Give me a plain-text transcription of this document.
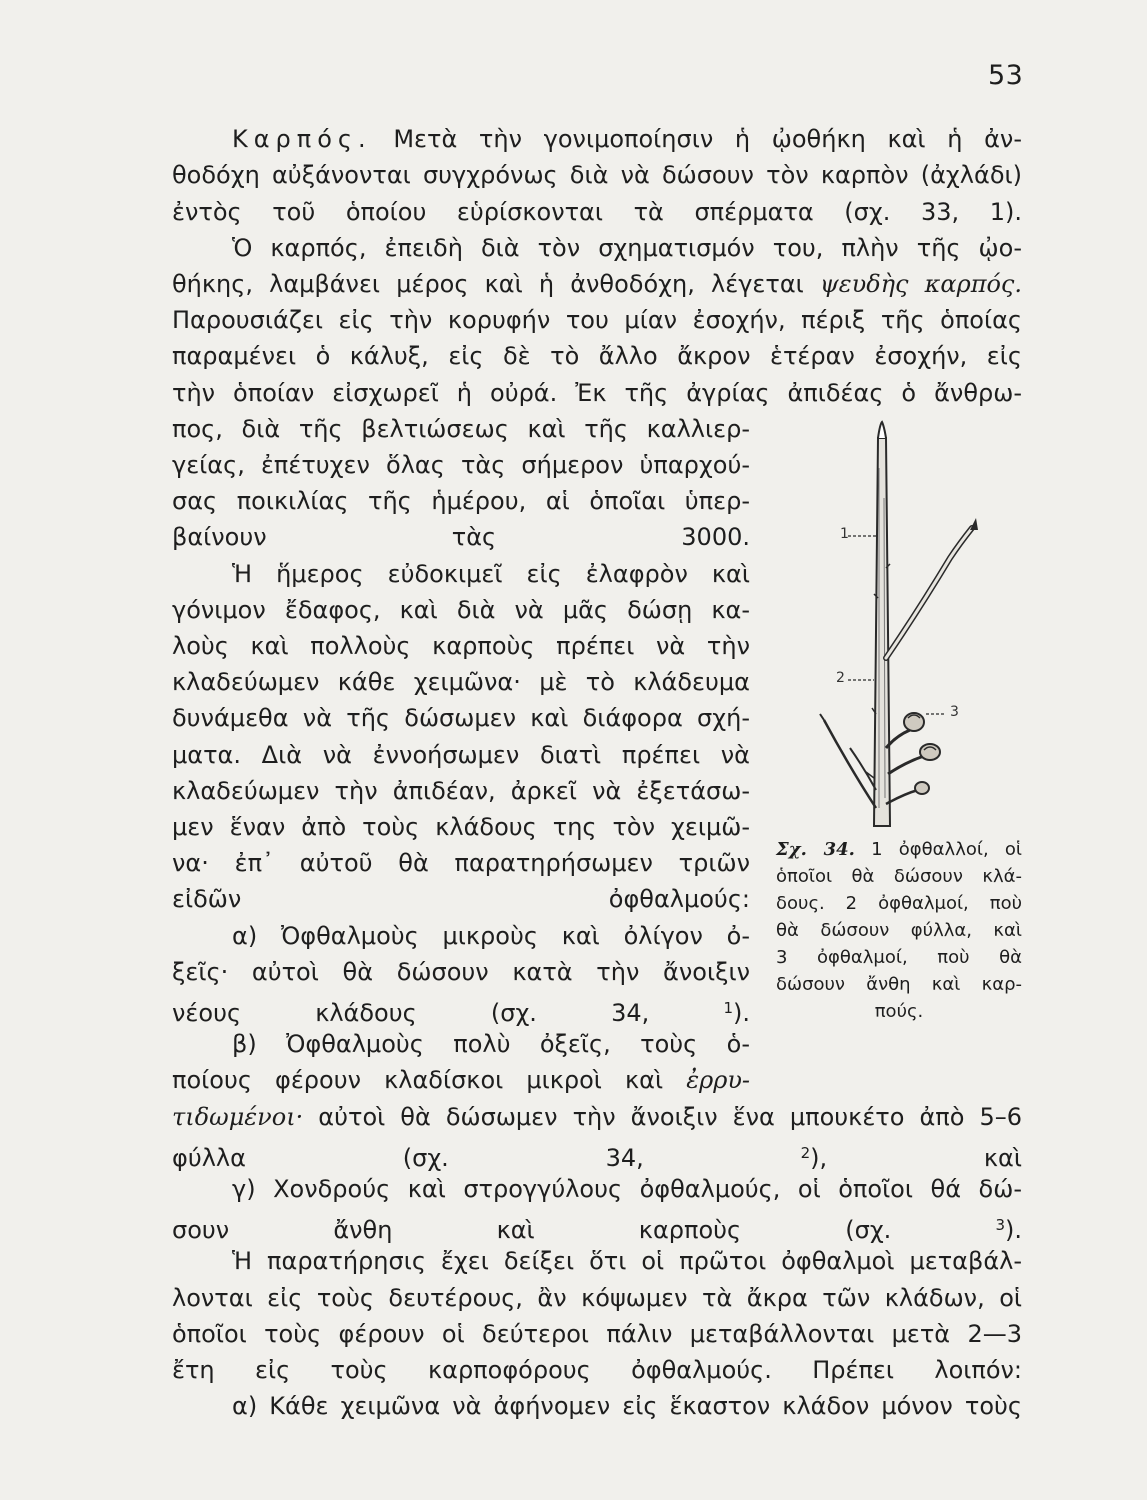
53
Καρπός. Μετὰ τὴν γονιμοποίησιν ἡ ᾠοθήκη καὶ ἡ ἀν-
θοδόχη αὐξάνονται συγχρόνως διὰ νὰ δώσουν τὸν καρπὸν (ἀχλάδι)
ἐντὸς τοῦ ὁποίου εὑρίσκονται τὰ σπέρματα (σχ. 33, 1).
Ὁ καρπός, ἐπειδὴ διὰ τὸν σχηματισμόν του, πλὴν τῆς ᾠο-
θήκης, λαμβάνει μέρος καὶ ἡ ἀνθοδόχη, λέγεται ψευδὴς καρπός.
Παρουσιάζει εἰς τὴν κορυφήν του μίαν ἐσοχήν, πέριξ τῆς ὁποίας
παραμένει ὁ κάλυξ, εἰς δὲ τὸ ἄλλο ἄκρον ἑτέραν ἐσοχήν, εἰς
τὴν ὁποίαν εἰσχωρεῖ ἡ οὐρά. Ἐκ τῆς ἀγρίας ἀπιδέας ὁ ἄνθρω-
πος, διὰ τῆς βελτιώσεως καὶ τῆς καλλιερ-
γείας, ἐπέτυχεν ὅλας τὰς σήμερον ὑπαρχού-
σας ποικιλίας τῆς ἡμέρου, αἱ ὁποῖαι ὑπερ-
βαίνουν τὰς 3000.
Ἡ ἥμερος εὐδοκιμεῖ εἰς ἐλαφρὸν καὶ
γόνιμον ἔδαφος, καὶ διὰ νὰ μᾶς δώσῃ κα-
λοὺς καὶ πολλοὺς καρποὺς πρέπει νὰ τὴν
κλαδεύωμεν κάθε χειμῶνα· μὲ τὸ κλάδευμα
δυνάμεθα νὰ τῆς δώσωμεν καὶ διάφορα σχή-
ματα. Διὰ νὰ ἐννοήσωμεν διατὶ πρέπει νὰ
κλαδεύωμεν τὴν ἀπιδέαν, ἀρκεῖ νὰ ἐξετάσω-
μεν ἕναν ἀπὸ τοὺς κλάδους της τὸν χειμῶ-
να· ἐπ᾽ αὐτοῦ θὰ παρατηρήσωμεν τριῶν
εἰδῶν ὀφθαλμούς:
α) Ὀφθαλμοὺς μικροὺς καὶ ὀλίγον ὀ-
ξεῖς· αὐτοὶ θὰ δώσουν κατὰ τὴν ἄνοιξιν
νέους κλάδους (σχ. 34,	$^1$).
β) Ὀφθαλμοὺς πολὺ ὀξεῖς, τοὺς ὁ-
ποίους φέρουν κλαδίσκοι μικροὶ καὶ ἐρρυ-
τιδωμένοι· αὐτοὶ θὰ δώσωμεν τὴν ἄνοιξιν ἕνα μπουκέτο ἀπὸ 5–6
φύλλα (σχ. 34,	$^2$), καὶ
γ) Χονδρούς καὶ στρογγύλους ὀφθαλμούς, οἱ ὁποῖοι θά δώ-
σουν ἄνθη καὶ καρποὺς (σχ.	$^3$).
Ἡ παρατήρησις ἔχει δείξει ὅτι οἱ πρῶτοι ὀφθαλμοὶ μεταβάλ-
λονται εἰς τοὺς δευτέρους, ἂν κόψωμεν τὰ ἄκρα τῶν κλάδων, οἱ
ὁποῖοι τοὺς φέρουν οἱ δεύτεροι πάλιν μεταβάλλονται μετὰ 2—3
ἔτη εἰς τοὺς καρποφόρους ὀφθαλμούς. Πρέπει λοιπόν:
α) Κάθε χειμῶνα νὰ ἀφήνομεν εἰς ἕκαστον κλάδον μόνον τοὺς
1
2
3
Σχ. 34. 1 ὀφθαλλοί, οἱ
ὁποῖοι θὰ δώσουν κλά-
δους. 2 ὀφθαλμοί, ποὺ
θὰ δώσουν φύλλα, καὶ
3 ὀφθαλμοί, ποὺ θὰ
δώσουν ἄνθη καὶ καρ-
πούς.
